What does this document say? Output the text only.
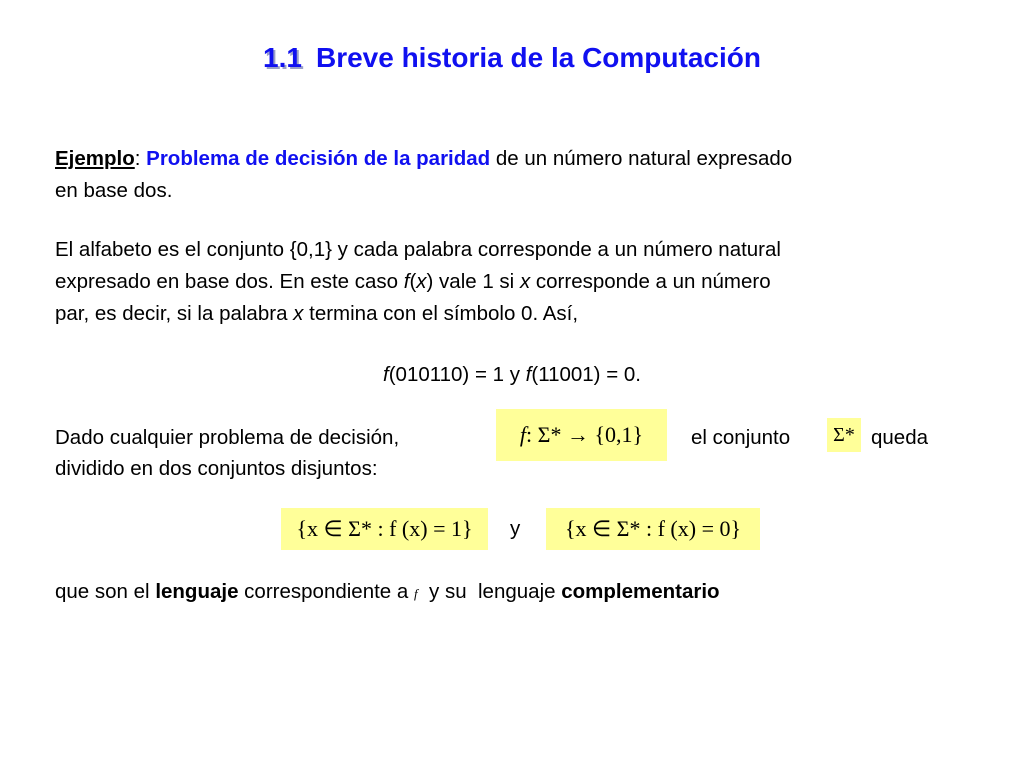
1.1 Breve historia de la Computación
Ejemplo: Problema de decisión de la paridad de un número natural expresado
en base dos.
El alfabeto es el conjunto {0,1} y cada palabra corresponde a un número natural
expresado en base dos. En este caso f(x) vale 1 si x corresponde a un número
par, es decir, si la palabra x termina con el símbolo 0. Así,
f(010110) = 1 y f(11001) = 0.
Dado cualquier problema de decisión,	f : Σ* → {0,1} el conjunto	Σ* queda
dividido en dos conjuntos disjuntos:
{x ∈ Σ* : f (x) = 1}	y	{x ∈ Σ* : f (x) = 0}
que son el lenguaje correspondiente a f  y su  lenguaje complementario
